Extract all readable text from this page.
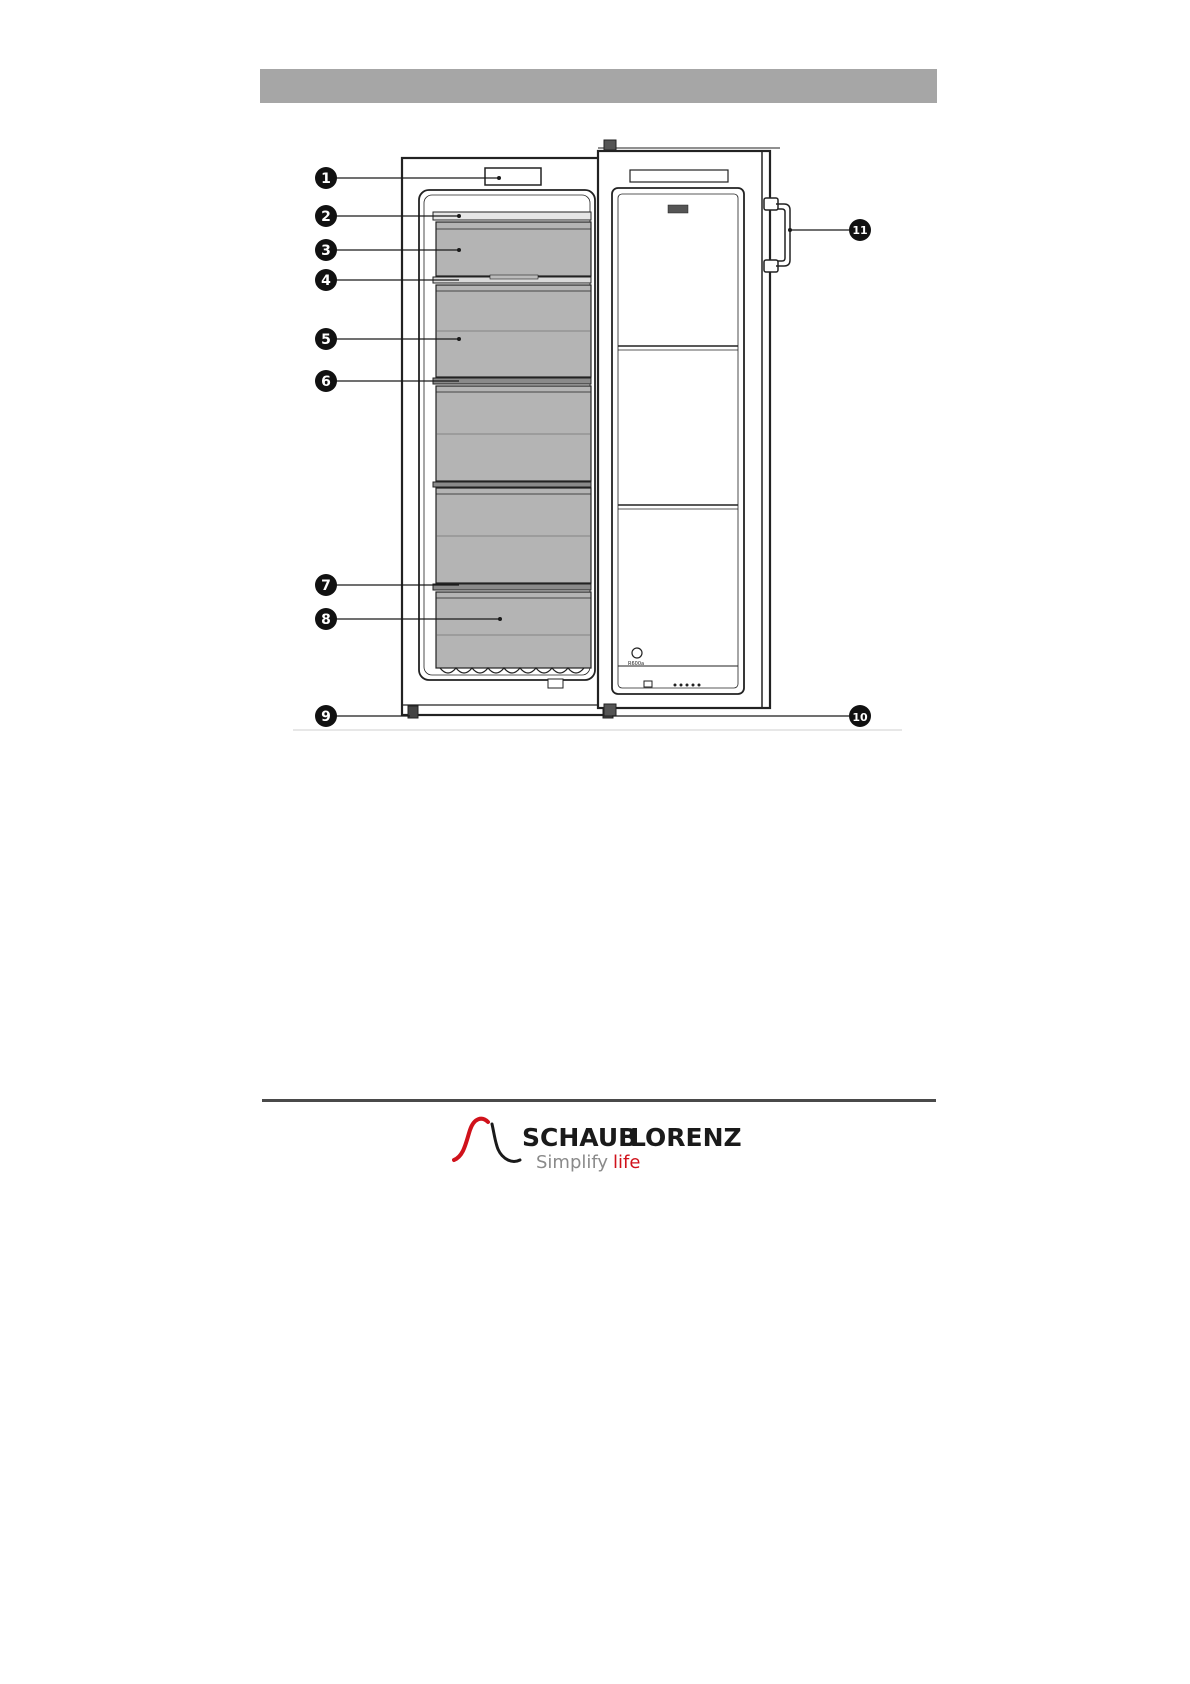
R600a
1
2
3
4
5
6
7
8
9	10
11
SCHAUB
LORENZ
Simplify life
